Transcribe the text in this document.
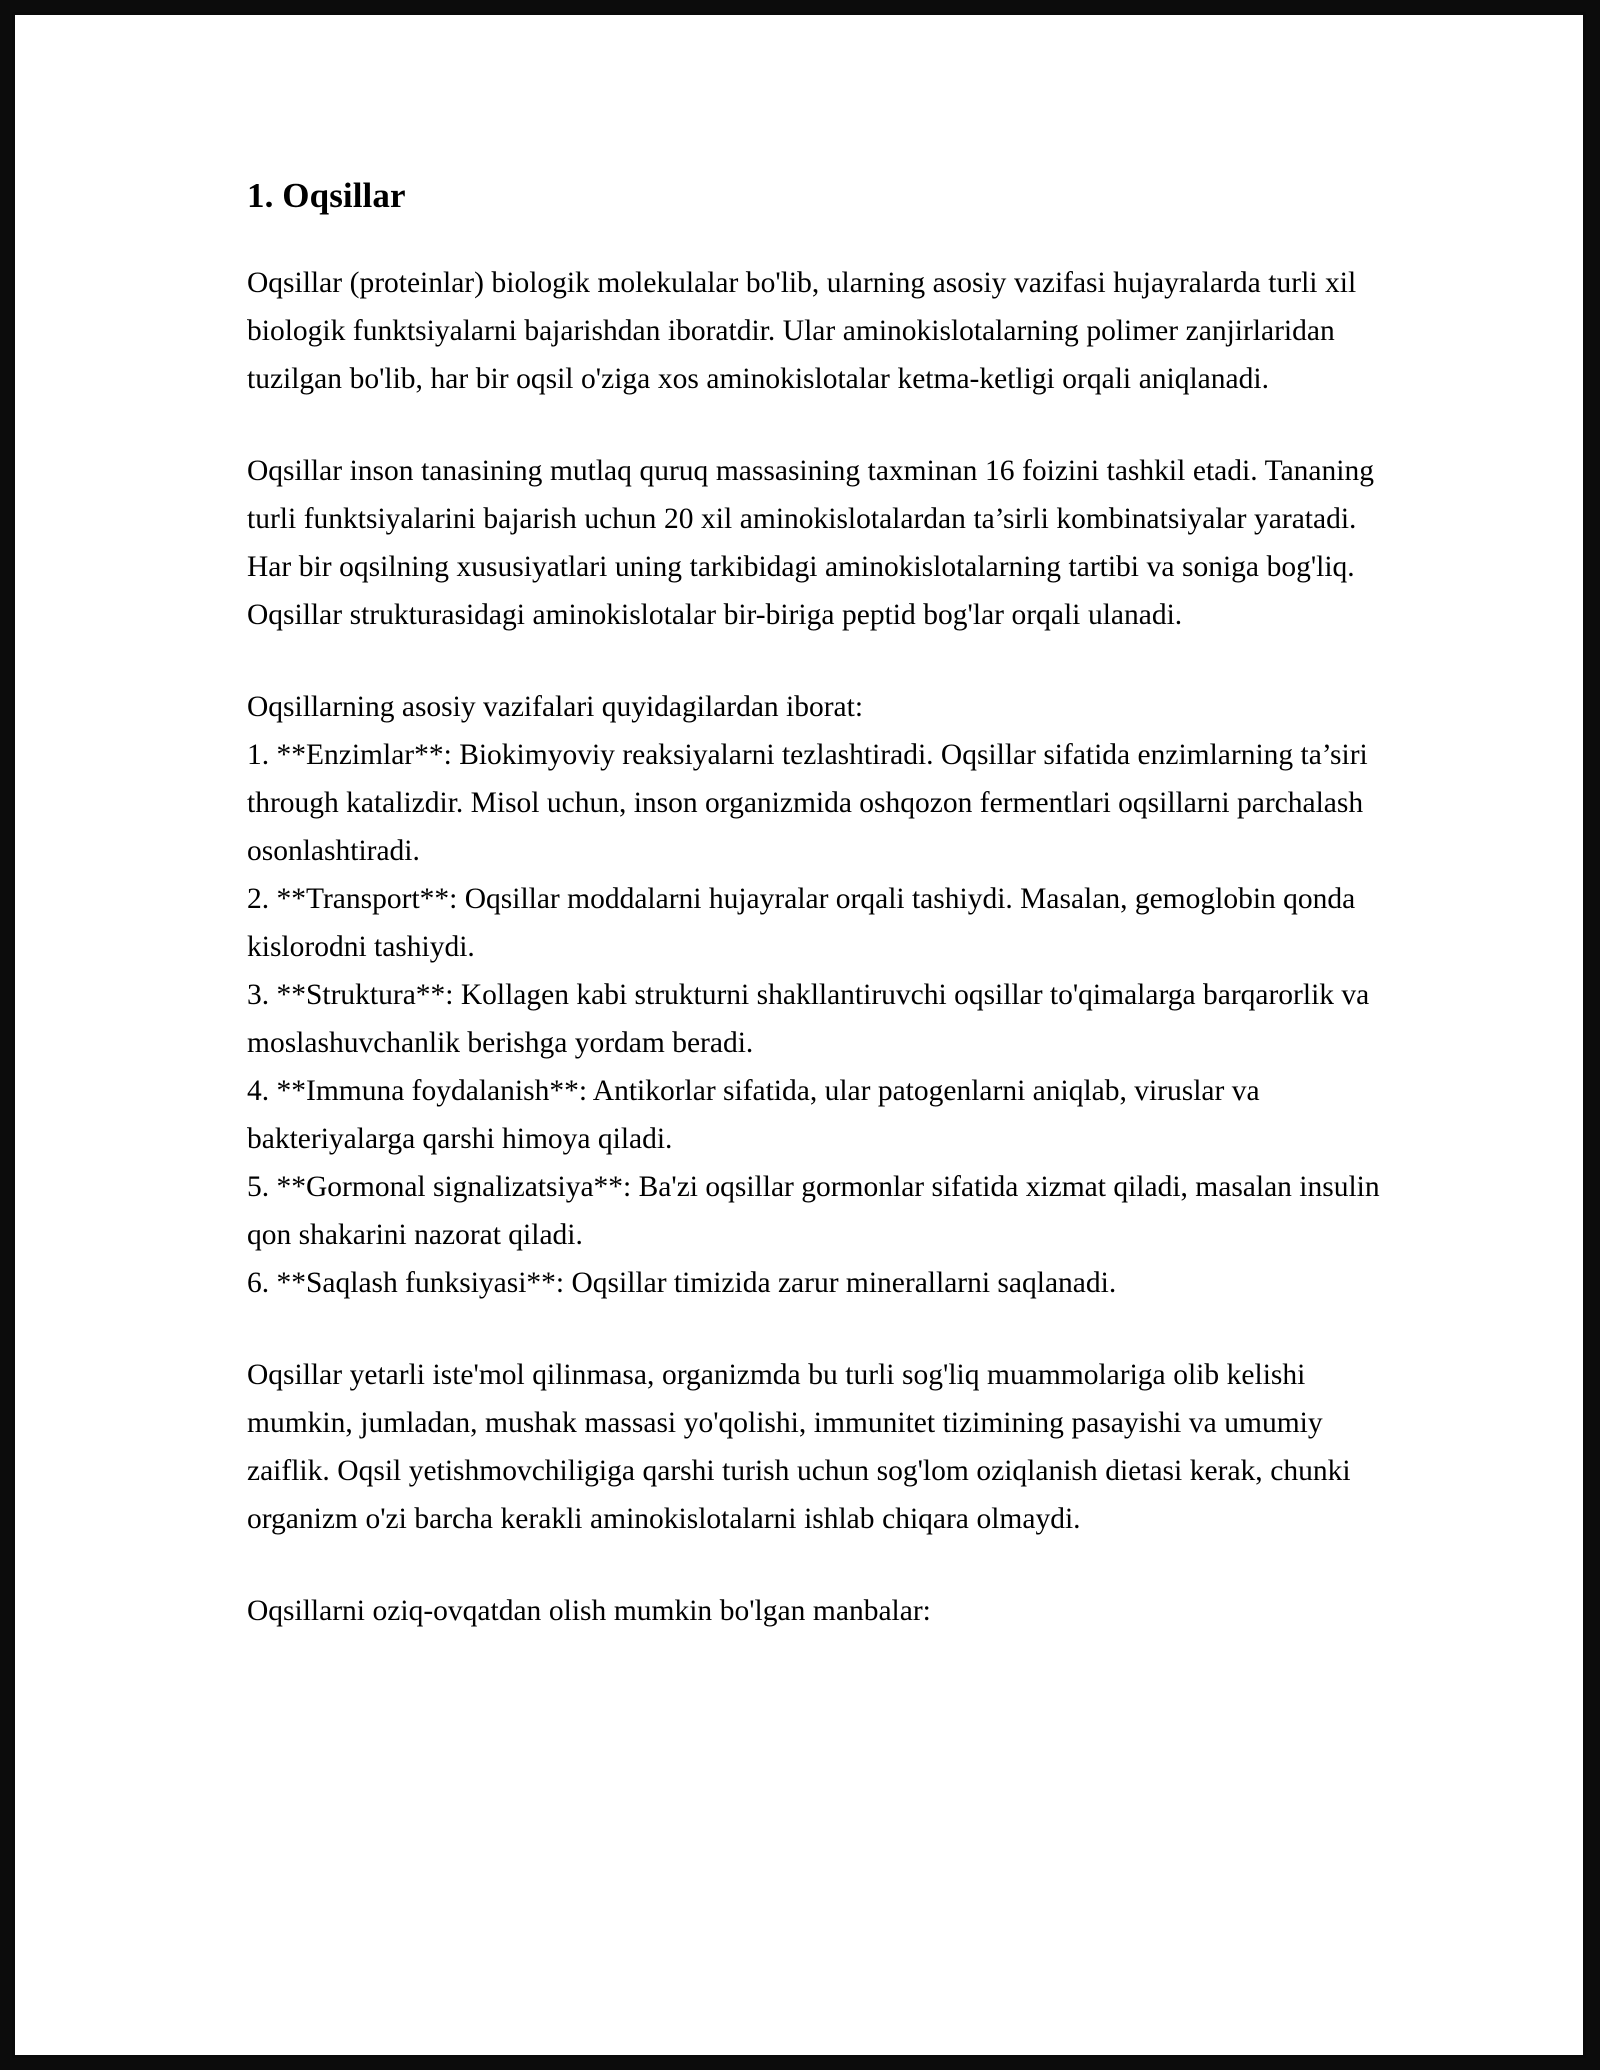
1. Oqsillar

Oqsillar (proteinlar) biologik molekulalar bo'lib, ularning asosiy vazifasi hujayralarda turli xil biologik funktsiyalarni bajarishdan iboratdir. Ular aminokislotalarning polimer zanjirlaridan tuzilgan bo'lib, har bir oqsil o'ziga xos aminokislotalar ketma-ketligi orqali aniqlanadi.

Oqsillar inson tanasining mutlaq quruq massasining taxminan 16 foizini tashkil etadi. Tananing turli funktsiyalarini bajarish uchun 20 xil aminokislotalardan ta’sirli kombinatsiyalar yaratadi. Har bir oqsilning xususiyatlari uning tarkibidagi aminokislotalarning tartibi va soniga bog'liq. Oqsillar strukturasidagi aminokislotalar bir-biriga peptid bog'lar orqali ulanadi.

Oqsillarning asosiy vazifalari quyidagilardan iborat:

1. **Enzimlar**: Biokimyoviy reaksiyalarni tezlashtiradi. Oqsillar sifatida enzimlarning ta’siri through katalizdir. Misol uchun, inson organizmida oshqozon fermentlari oqsillarni parchalash osonlashtiradi.

2. **Transport**: Oqsillar moddalarni hujayralar orqali tashiydi. Masalan, gemoglobin qonda kislorodni tashiydi.

3. **Struktura**: Kollagen kabi strukturni shakllantiruvchi oqsillar to'qimalarga barqarorlik va moslashuvchanlik berishga yordam beradi.

4. **Immuna foydalanish**: Antikorlar sifatida, ular patogenlarni aniqlab, viruslar va bakteriyalarga qarshi himoya qiladi.

5. **Gormonal signalizatsiya**: Ba'zi oqsillar gormonlar sifatida xizmat qiladi, masalan insulin qon shakarini nazorat qiladi.

6. **Saqlash funksiyasi**: Oqsillar timizida zarur minerallarni saqlanadi.

Oqsillar yetarli iste'mol qilinmasa, organizmda bu turli sog'liq muammolariga olib kelishi mumkin, jumladan, mushak massasi yo'qolishi, immunitet tizimining pasayishi va umumiy zaiflik. Oqsil yetishmovchiligiga qarshi turish uchun sog'lom oziqlanish dietasi kerak, chunki organizm o'zi barcha kerakli aminokislotalarni ishlab chiqara olmaydi.

Oqsillarni oziq-ovqatdan olish mumkin bo'lgan manbalar:
